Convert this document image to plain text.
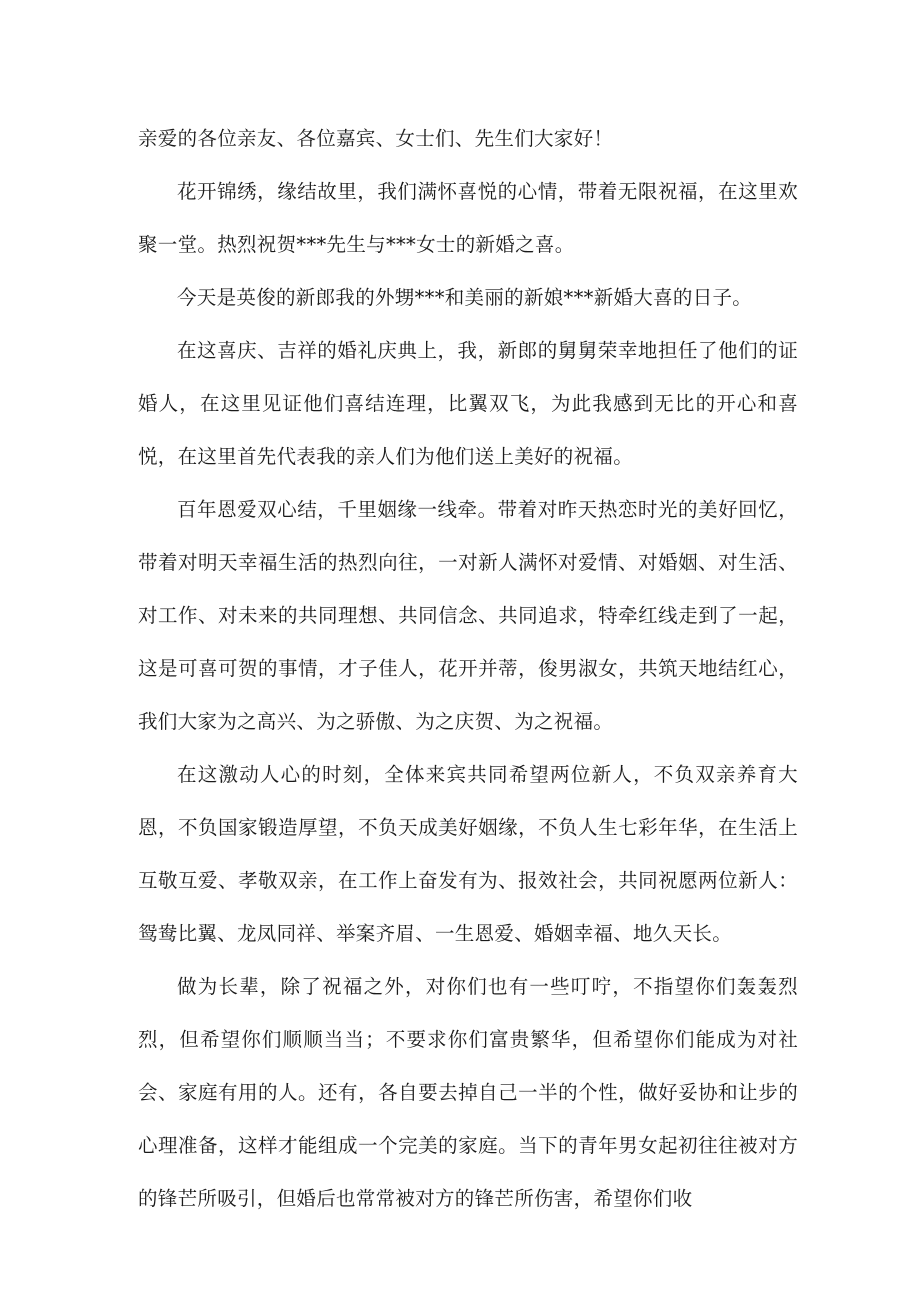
亲爱的各位亲友、各位嘉宾、女士们、先生们大家好！

花开锦绣，缘结故里，我们满怀喜悦的心情，带着无限祝福，在这里欢聚一堂。热烈祝贺***先生与***女士的新婚之喜。

今天是英俊的新郎我的外甥***和美丽的新娘***新婚大喜的日子。

在这喜庆、吉祥的婚礼庆典上，我，新郎的舅舅荣幸地担任了他们的证婚人，在这里见证他们喜结连理，比翼双飞，为此我感到无比的开心和喜悦，在这里首先代表我的亲人们为他们送上美好的祝福。

百年恩爱双心结，千里姻缘一线牵。带着对昨天热恋时光的美好回忆，带着对明天幸福生活的热烈向往，一对新人满怀对爱情、对婚姻、对生活、对工作、对未来的共同理想、共同信念、共同追求，特牵红线走到了一起，这是可喜可贺的事情，才子佳人，花开并蒂，俊男淑女，共筑天地结红心，我们大家为之高兴、为之骄傲、为之庆贺、为之祝福。

在这激动人心的时刻，全体来宾共同希望两位新人，不负双亲养育大恩，不负国家锻造厚望，不负天成美好姻缘，不负人生七彩年华，在生活上互敬互爱、孝敬双亲，在工作上奋发有为、报效社会，共同祝愿两位新人：鸳鸯比翼、龙凤同祥、举案齐眉、一生恩爱、婚姻幸福、地久天长。

做为长辈，除了祝福之外，对你们也有一些叮咛，不指望你们轰轰烈烈，但希望你们顺顺当当；不要求你们富贵繁华，但希望你们能成为对社会、家庭有用的人。还有，各自要去掉自己一半的个性，做好妥协和让步的心理准备，这样才能组成一个完美的家庭。当下的青年男女起初往往被对方的锋芒所吸引，但婚后也常常被对方的锋芒所伤害，希望你们收
